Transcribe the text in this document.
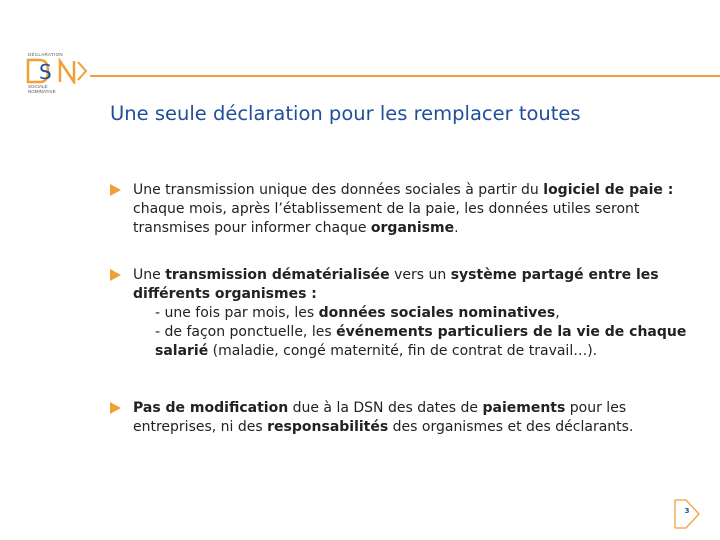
DÉCLARATION
S
SOCIALE
NOMINATIVE
Une seule déclaration pour les remplacer toutes
Une transmission unique des données sociales à partir du logiciel de paie : chaque mois, après l’établissement de la paie, les données utiles seront transmises pour informer chaque organisme.
Une transmission dématérialisée vers un système partagé entre les différents organismes :
- une fois par mois, les données sociales nominatives,
- de façon ponctuelle, les événements particuliers de la vie de chaque salarié (maladie, congé maternité, fin de contrat de travail…).
Pas de modification due à la DSN des dates de paiements pour les entreprises, ni des responsabilités des organismes et des déclarants.
3
